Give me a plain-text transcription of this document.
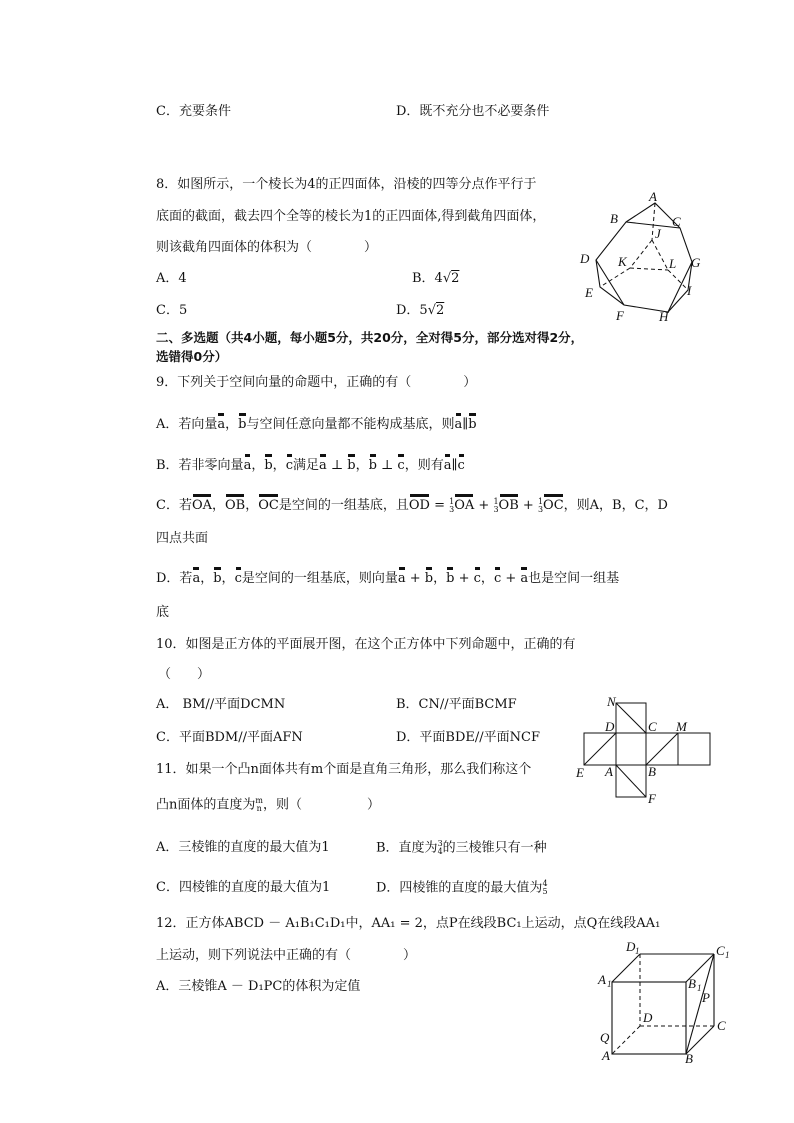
C．充要条件	D．既不充分也不必要条件
8．如图所示，一个棱长为4的正四面体，沿棱的四等分点作平行于
底面的截面，截去四个全等的棱长为1的正四面体,得到截角四面体，
则该截角四面体的体积为（　　　　）
A．4	B．4√2
C．5	D．5√2
A
B	C
D
J
K	L G
E	I
F	H
二、多选题（共4小题，每小题5分，共20分，全对得5分，部分选对得2分，
选错得0分）
9．下列关于空间向量的命题中，正确的有（　　　　）
A．若向量a，b与空间任意向量都不能构成基底，则a∥b
B．若非零向量a，b，c满足a ⊥ b，b ⊥ c，则有a∥c
C．若OA，OB，OC是空间的一组基底，且OD = 1
3 OA + 1
3 OB + 1
3 OC，则A，B，C，D
四点共面
D．若a，b，c是空间的一组基底，则向量a + b，b + c，c + a也是空间一组基
底
10．如图是正方体的平面展开图，在这个正方体中下列命题中，正确的有
（　　）
A． BM//平面DCMN	B．CN//平面BCMF
C．平面BDM//平面AFN	D．平面BDE//平面NCF
N
D	C M
E A	B
F
11．如果一个凸n面体共有m个面是直角三角形，那么我们称这个
凸n面体的直度为 m
n ，则（　　　　　）
A．三棱锥的直度的最大值为1	B．直度为 3
4 的三棱锥只有一种
C．四棱锥的直度的最大值为1	D．四棱锥的直度的最大值为 4
5
12．正方体ABCD － A₁B₁C₁D₁中，AA₁ = 2，点P在线段BC₁上运动，点Q在线段AA₁
上运动，则下列说法中正确的有（　　　　）
A．三棱锥A － D₁PC的体积为定值
D 1	C 1
A 1	B 1
P
D
C
Q
A	B
